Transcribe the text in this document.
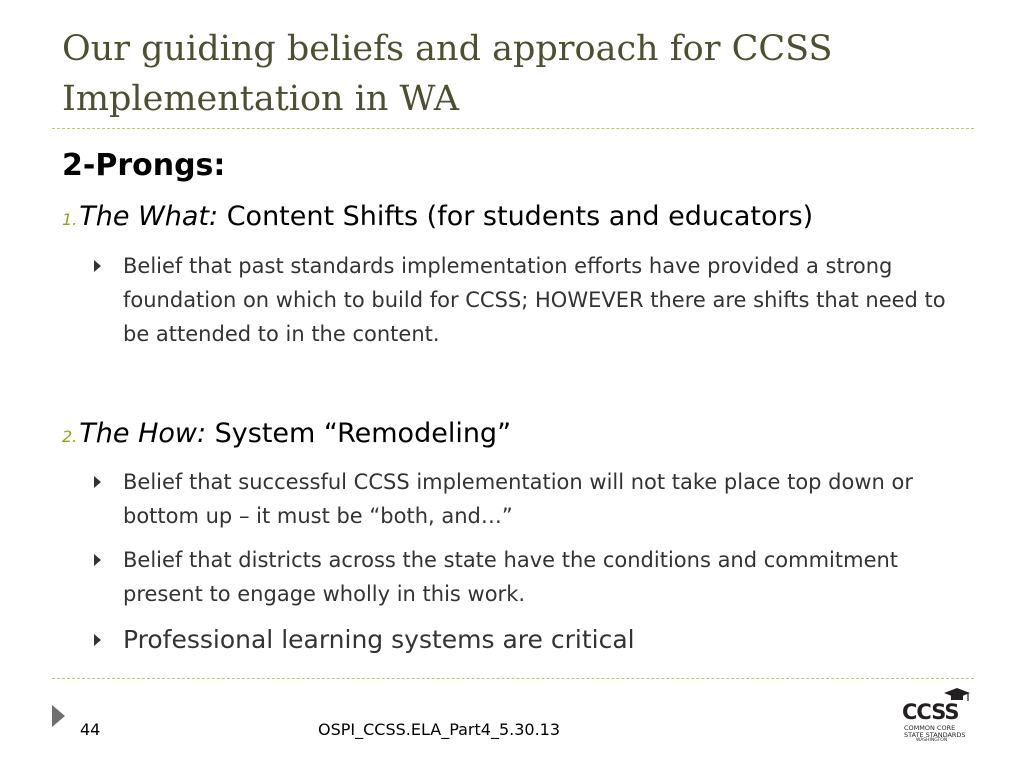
Our guiding beliefs and approach for CCSS Implementation in WA
2-Prongs:
1.The What: Content Shifts (for students and educators)
Belief that past standards implementation efforts have provided a strong foundation on which to build for CCSS; HOWEVER there are shifts that need to be attended to in the content.
2.The How: System “Remodeling”
Belief that successful CCSS implementation will not take place top down or bottom up – it must be “both, and…”
Belief that districts across the state have the conditions and commitment present to engage wholly in this work.
Professional learning systems are critical
44	OSPI_CCSS.ELA_Part4_5.30.13
CCSS
COMMON CORE
STATE STANDARDS
WASHINGTON
